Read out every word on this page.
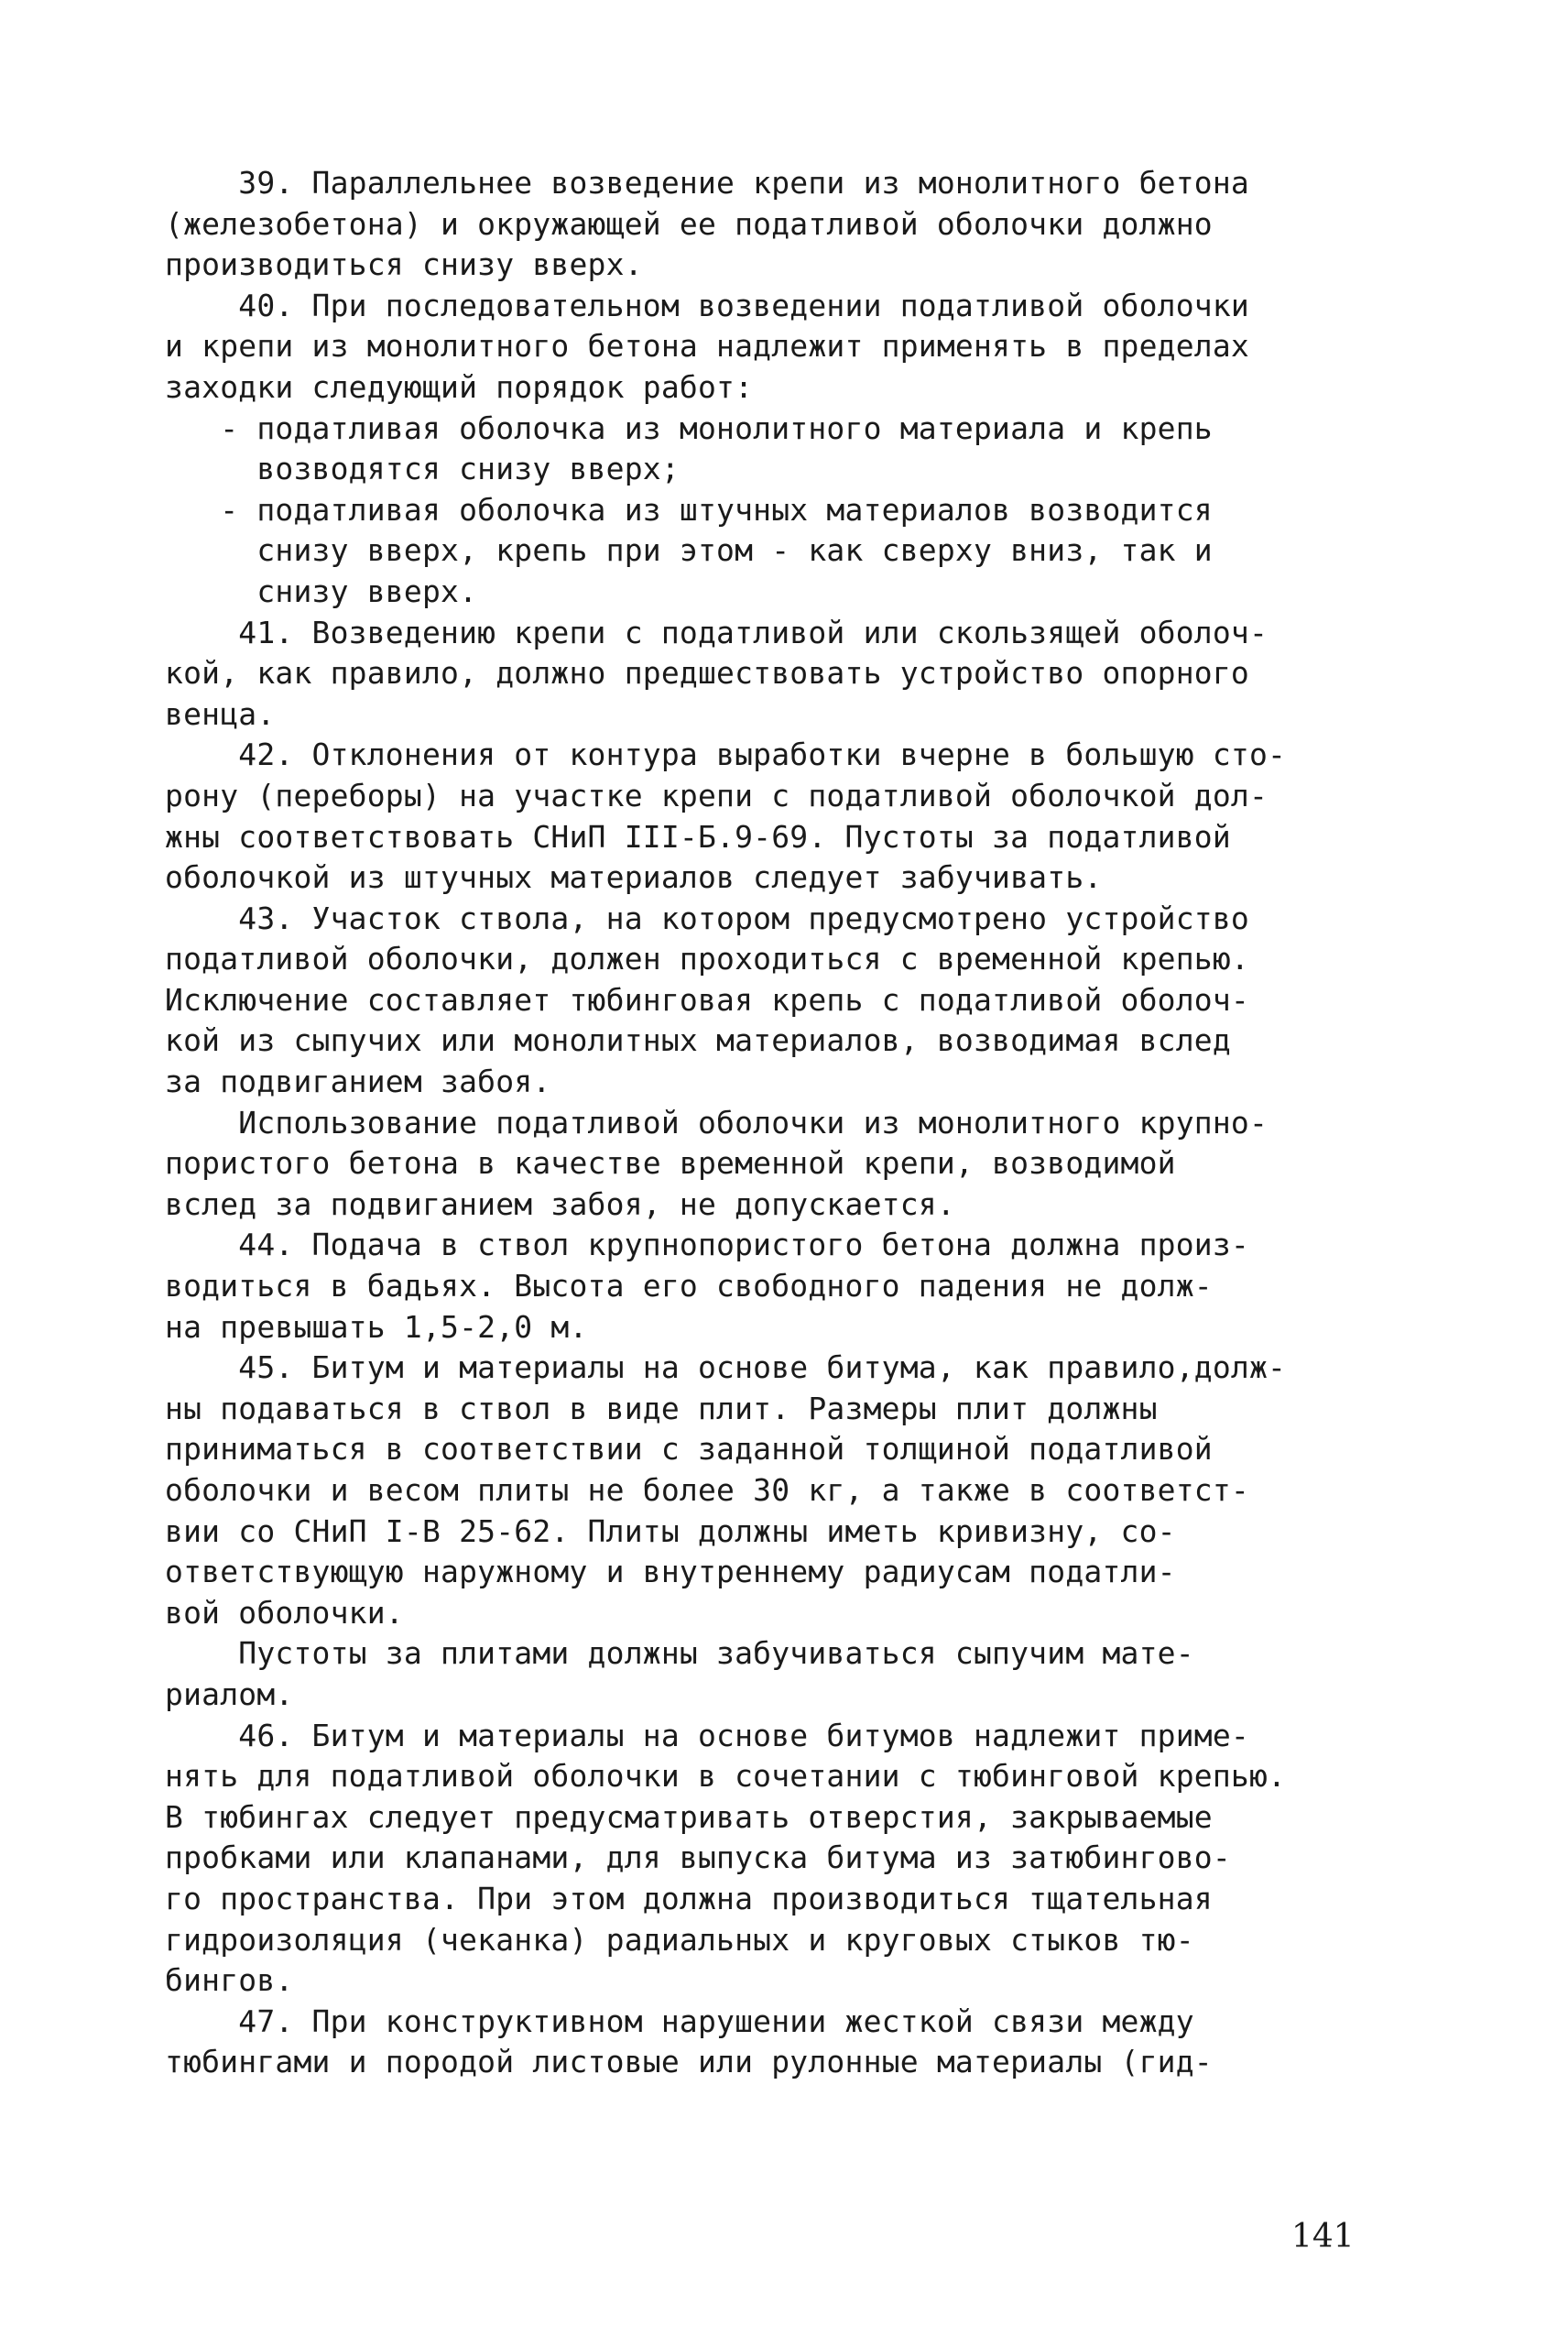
39. Параллельнее возведение крепи из монолитного бетона
(железобетона) и окружающей ее податливой оболочки должно
производиться снизу вверх.
40. При последовательном возведении податливой оболочки
и крепи из монолитного бетона надлежит применять в пределах
заходки следующий порядок работ:
- податливая оболочка из монолитного материала и крепь
возводятся снизу вверх;
- податливая оболочка из штучных материалов возводится
снизу вверх, крепь при этом - как сверху вниз, так и
снизу вверх.
41. Возведению крепи с податливой или скользящей оболоч-
кой, как правило, должно предшествовать устройство опорного
венца.
42. Отклонения от контура выработки вчерне в большую сто-
рону (переборы) на участке крепи с податливой оболочкой дол-
жны соответствовать СНиП III-Б.9-69. Пустоты за податливой
оболочкой из штучных материалов следует забучивать.
43. Участок ствола, на котором предусмотрено устройство
податливой оболочки, должен проходиться с временной крепью.
Исключение составляет тюбинговая крепь с податливой оболоч-
кой из сыпучих или монолитных материалов, возводимая вслед
за подвиганием забоя.
Использование податливой оболочки из монолитного крупно-
пористого бетона в качестве временной крепи, возводимой
вслед за подвиганием забоя, не допускается.
44. Подача в ствол крупнопористого бетона должна произ-
водиться в бадьях. Высота его свободного падения не долж-
на превышать 1,5-2,0 м.
45. Битум и материалы на основе битума, как правило,долж-
ны подаваться в ствол в виде плит. Размеры плит должны
приниматься в соответствии с заданной толщиной податливой
оболочки и весом плиты не более 30 кг, а также в соответст-
вии со СНиП I-В 25-62. Плиты должны иметь кривизну, со-
ответствующую наружному и внутреннему радиусам податли-
вой оболочки.
Пустоты за плитами должны забучиваться сыпучим мате-
риалом.
46. Битум и материалы на основе битумов надлежит приме-
нять для податливой оболочки в сочетании с тюбинговой крепью.
В тюбингах следует предусматривать отверстия, закрываемые
пробками или клапанами, для выпуска битума из затюбингово-
го пространства. При этом должна производиться тщательная
гидроизоляция (чеканка) радиальных и круговых стыков тю-
бингов.
47. При конструктивном нарушении жесткой связи между
тюбингами и породой листовые или рулонные материалы (гид-
141
